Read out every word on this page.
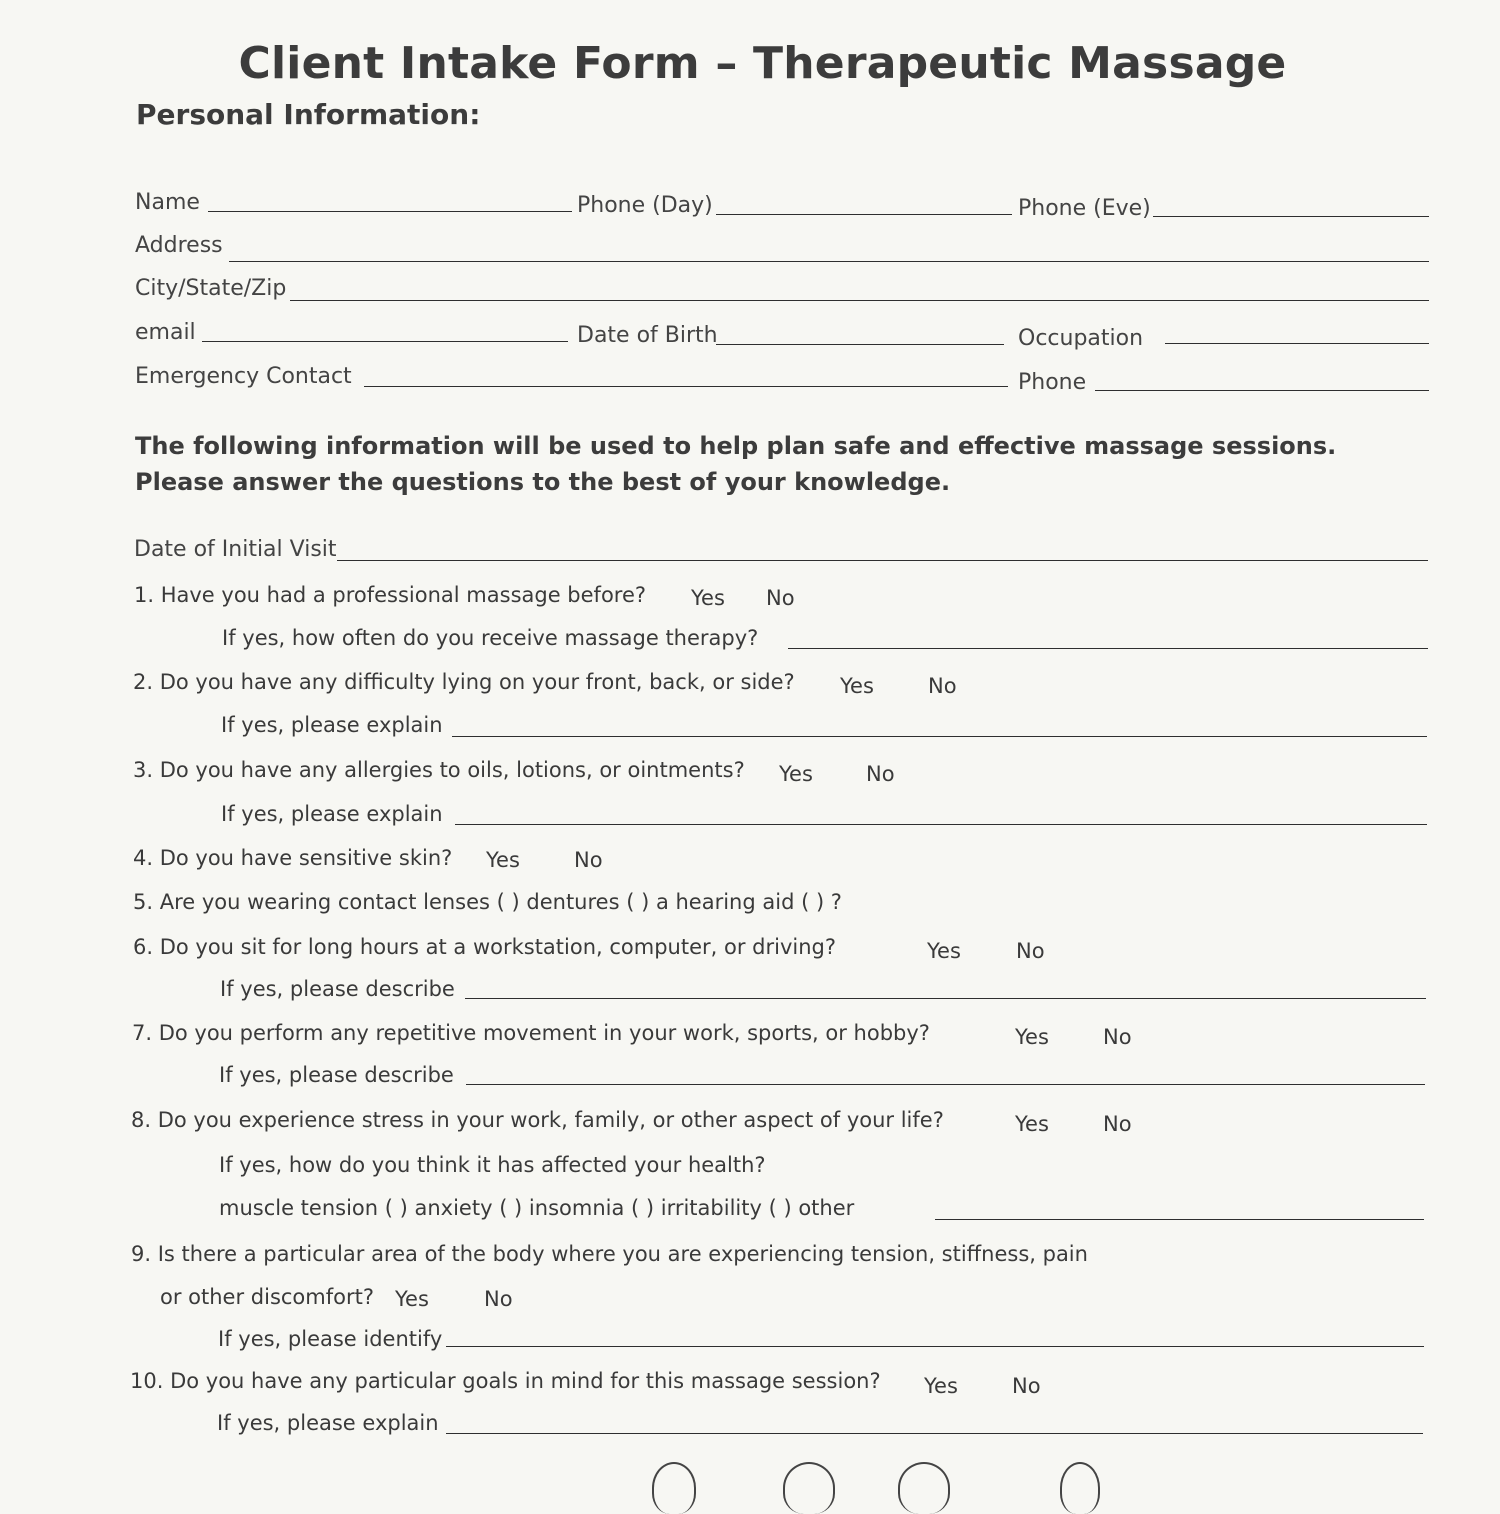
Client Intake Form – Therapeutic Massage
Personal Information:
Name	Phone (Day)	Phone (Eve)
Address
City/State/Zip
email	Date of Birth	Occupation
Emergency Contact	Phone
The following information will be used to help plan safe and effective massage sessions.
Please answer the questions to the best of your knowledge.
Date of Initial Visit
1. Have you had a professional massage before? Yes No
If yes, how often do you receive massage therapy?
2. Do you have any difficulty lying on your front, back, or side? Yes	No
If yes, please explain
3. Do you have any allergies to oils, lotions, or ointments? Yes	No
If yes, please explain
4. Do you have sensitive skin? Yes	No
5. Are you wearing contact lenses ( ) dentures ( ) a hearing aid ( ) ?
6. Do you sit for long hours at a workstation, computer, or driving?	Yes	No
If yes, please describe
7. Do you perform any repetitive movement in your work, sports, or hobby?	Yes	No
If yes, please describe
8. Do you experience stress in your work, family, or other aspect of your life?	Yes	No
If yes, how do you think it has affected your health?
muscle tension ( ) anxiety ( ) insomnia ( ) irritability ( ) other
9. Is there a particular area of the body where you are experiencing tension, stiffness, pain
or other discomfort? Yes	No
If yes, please identify
10. Do you have any particular goals in mind for this massage session? Yes	No
If yes, please explain
